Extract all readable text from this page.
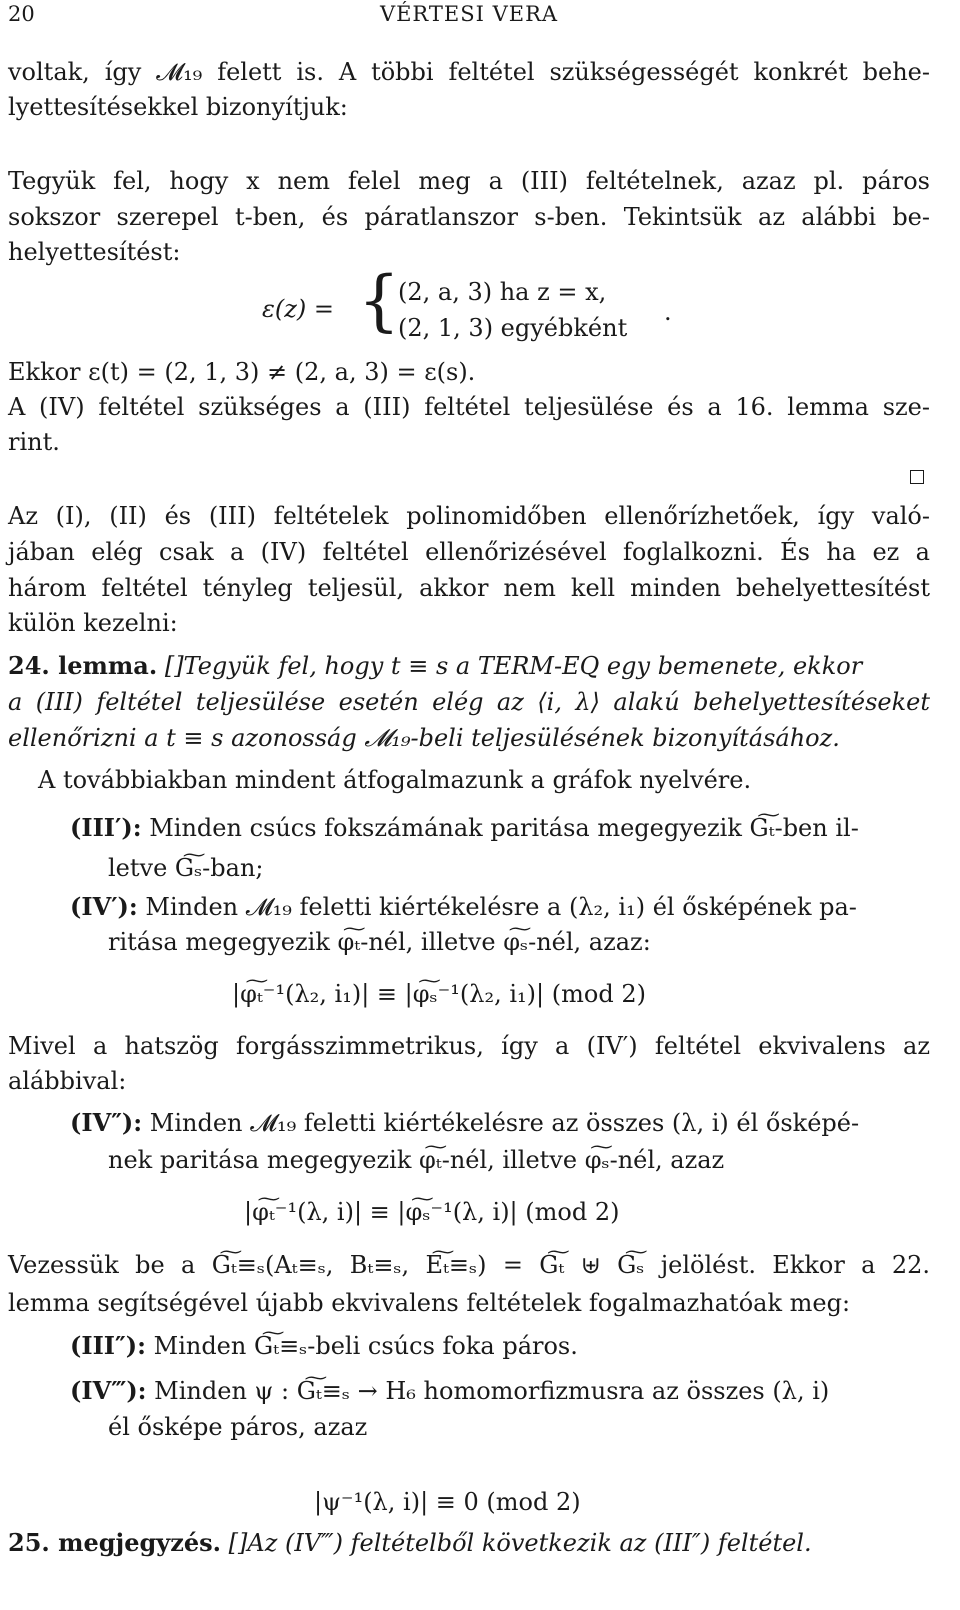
20	VÉRTESI VERA
voltak, így 𝓜₁₉ felett is. A többi feltétel szükségességét konkrét behe-
lyettesítésekkel bizonyítjuk:
Tegyük fel, hogy x nem felel meg a (III) feltételnek, azaz pl. páros
sokszor szerepel t-ben, és páratlanszor s-ben. Tekintsük az alábbi be-
helyettesítést:
ε(z) = {
(2, a, 3) ha z = x,
(2, 1, 3) egyébként
.
Ekkor ε(t) = (2, 1, 3) ≠ (2, a, 3) = ε(s).
A (IV) feltétel szükséges a (III) feltétel teljesülése és a 16. lemma sze-
rint.
Az (I), (II) és (III) feltételek polinomidőben ellenőrízhetőek, így való-
jában elég csak a (IV) feltétel ellenőrizésével foglalkozni. És ha ez a
három feltétel tényleg teljesül, akkor nem kell minden behelyettesítést
külön kezelni:
24. lemma. []Tegyük fel, hogy t ≡ s a TERM-EQ egy bemenete, ekkor
a (III) feltétel teljesülése esetén elég az ⟨i, λ⟩ alakú behelyettesítéseket
ellenőrizni a t ≡ s azonosság 𝓜₁₉-beli teljesülésének bizonyításához.
A továbbiakban mindent átfogalmazunk a gráfok nyelvére.
(III′): Minden csúcs fokszámának paritása megegyezik G͠ₜ-ben il-
letve G͠ₛ-ban;
(IV′): Minden 𝓜₁₉ feletti kiértékelésre a (λ₂, i₁) él ősképének pa-
ritása megegyezik φ͠ₜ-nél, illetve φ͠ₛ-nél, azaz:
|φ͠ₜ⁻¹(λ₂, i₁)| ≡ |φ͠ₛ⁻¹(λ₂, i₁)| (mod 2)
Mivel a hatszög forgásszimmetrikus, így a (IV′) feltétel ekvivalens az
alábbival:
(IV″): Minden 𝓜₁₉ feletti kiértékelésre az összes (λ, i) él ősképé-
nek paritása megegyezik φ͠ₜ-nél, illetve φ͠ₛ-nél, azaz
|φ͠ₜ⁻¹(λ, i)| ≡ |φ͠ₛ⁻¹(λ, i)| (mod 2)
Vezessük be a G͠ₜ≡ₛ(Aₜ≡ₛ, Bₜ≡ₛ, E͠ₜ≡ₛ) = G͠ₜ ⊎ G͠ₛ jelölést. Ekkor a 22.
lemma segítségével újabb ekvivalens feltételek fogalmazhatóak meg:
(III″): Minden G͠ₜ≡ₛ-beli csúcs foka páros.
(IV‴): Minden ψ : G͠ₜ≡ₛ → H₆ homomorfizmusra az összes (λ, i)
él ősképe páros, azaz
|ψ⁻¹(λ, i)| ≡ 0 (mod 2)
25. megjegyzés. []Az (IV‴) feltételből következik az (III″) feltétel.
